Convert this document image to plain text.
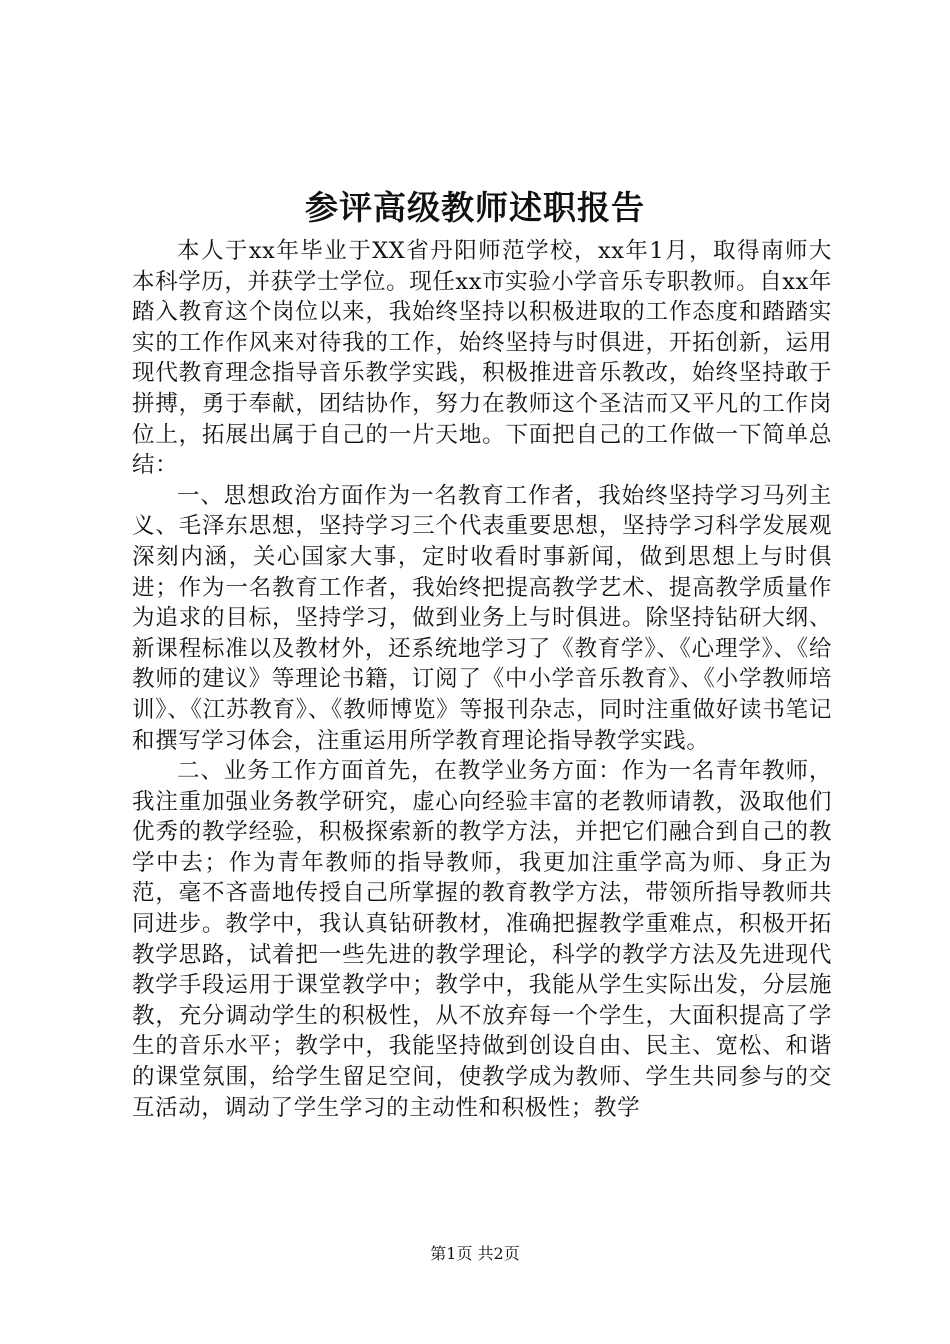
参评高级教师述职报告

本人于xx年毕业于XX省丹阳师范学校，xx年1月，取得南师大本科学历，并获学士学位。现任xx市实验小学音乐专职教师。自xx年踏入教育这个岗位以来，我始终坚持以积极进取的工作态度和踏踏实实的工作作风来对待我的工作，始终坚持与时俱进，开拓创新，运用现代教育理念指导音乐教学实践，积极推进音乐教改，始终坚持敢于拼搏，勇于奉献，团结协作，努力在教师这个圣洁而又平凡的工作岗位上，拓展出属于自己的一片天地。下面把自己的工作做一下简单总结：

一、思想政治方面作为一名教育工作者，我始终坚持学习马列主义、毛泽东思想，坚持学习三个代表重要思想，坚持学习科学发展观深刻内涵，关心国家大事，定时收看时事新闻，做到思想上与时俱进；作为一名教育工作者，我始终把提高教学艺术、提高教学质量作为追求的目标，坚持学习，做到业务上与时俱进。除坚持钻研大纲、新课程标准以及教材外，还系统地学习了《教育学》、《心理学》、《给教师的建议》等理论书籍，订阅了《中小学音乐教育》、《小学教师培训》、《江苏教育》、《教师博览》等报刊杂志，同时注重做好读书笔记和撰写学习体会，注重运用所学教育理论指导教学实践。

二、业务工作方面首先，在教学业务方面：作为一名青年教师，我注重加强业务教学研究，虚心向经验丰富的老教师请教，汲取他们优秀的教学经验，积极探索新的教学方法，并把它们融合到自己的教学中去；作为青年教师的指导教师，我更加注重学高为师、身正为范，毫不吝啬地传授自己所掌握的教育教学方法，带领所指导教师共同进步。教学中，我认真钻研教材，准确把握教学重难点，积极开拓教学思路，试着把一些先进的教学理论，科学的教学方法及先进现代教学手段运用于课堂教学中；教学中，我能从学生实际出发，分层施教，充分调动学生的积极性，从不放弃每一个学生，大面积提高了学生的音乐水平；教学中，我能坚持做到创设自由、民主、宽松、和谐的课堂氛围，给学生留足空间，使教学成为教师、学生共同参与的交互活动，调动了学生学习的主动性和积极性；教学

第1页 共2页
